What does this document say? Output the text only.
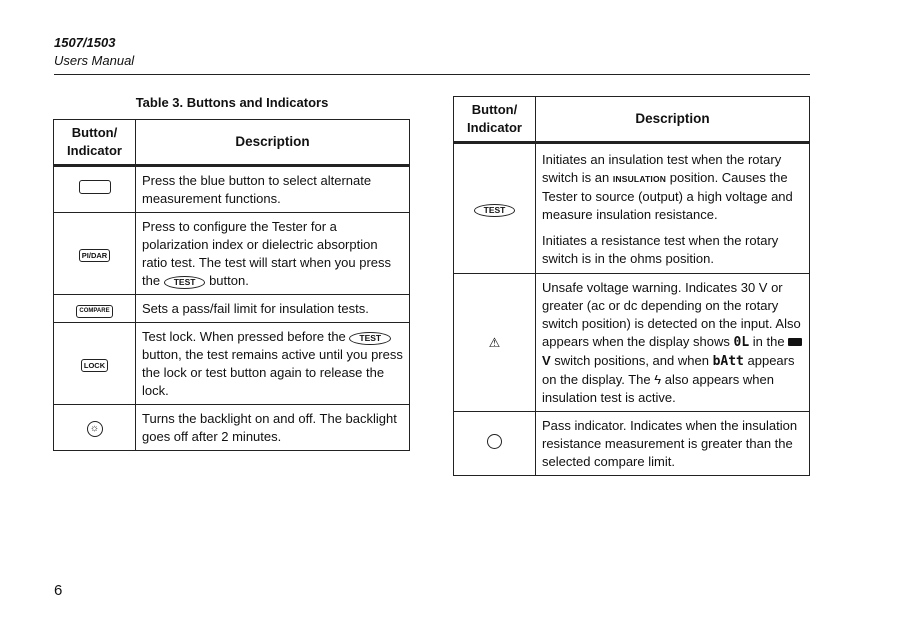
1507/1503
Users Manual
Table 3. Buttons and Indicators
Button/
Indicator	Description

	Press the blue button to select alternate measurement functions.

PI/DAR	Press to configure the Tester for a polarization index or dielectric absorption ratio test. The test will start when you press the TEST button.

COMPARE	Sets a pass/fail limit for insulation tests.

LOCK	Test lock. When pressed before the TEST button, the test remains active until you press the lock or test button again to release the lock.

☼	Turns the backlight on and off. The backlight goes off after 2 minutes.

Button/
Indicator	Description
TEST	Initiates an insulation test when the rotary switch is an INSULATION position. Causes the Tester to source (output) a high voltage and measure insulation resistance.

Initiates a resistance test when the rotary switch is in the ohms position.

⚠	Unsafe voltage warning. Indicates 30 V or greater (ac or dc depending on the rotary switch position) is detected on the input. Also appears when the display shows 0L in the  V switch positions, and when bAtt appears on the display. The ϟ also appears when insulation test is active.

	Pass indicator. Indicates when the insulation resistance measurement is greater than the selected compare limit.

6
